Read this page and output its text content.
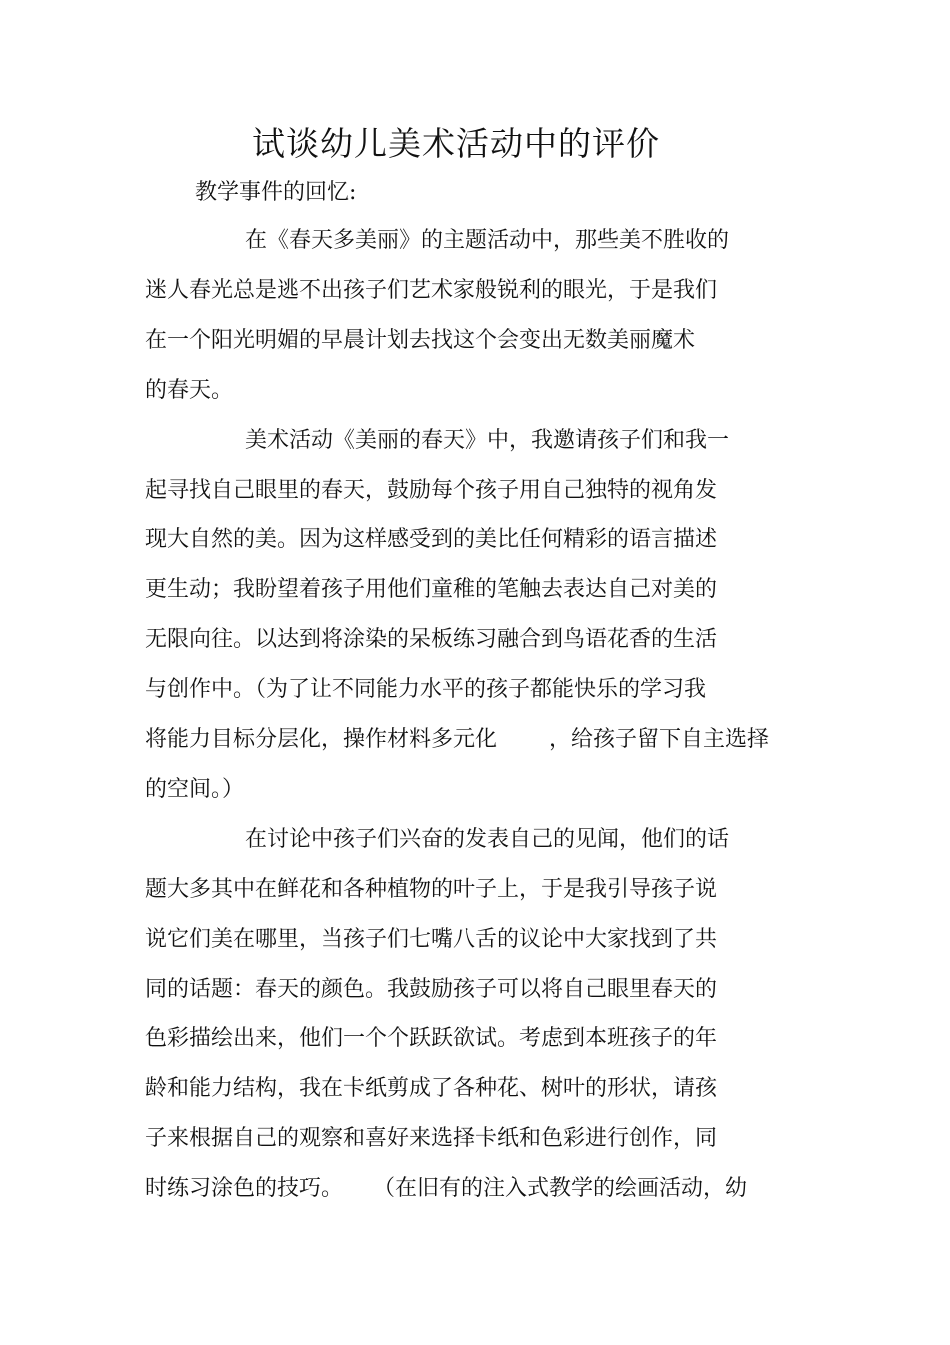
试谈幼儿美术活动中的评价
教学事件的回忆:
在《春天多美丽》的主题活动中，那些美不胜收的
迷人春光总是逃不出孩子们艺术家般锐利的眼光，于是我们
在一个阳光明媚的早晨计划去找这个会变出无数美丽魔术
的春天。
美术活动《美丽的春天》中，我邀请孩子们和我一
起寻找自己眼里的春天，鼓励每个孩子用自己独特的视角发
现大自然的美。因为这样感受到的美比任何精彩的语言描述
更生动；我盼望着孩子用他们童稚的笔触去表达自己对美的
无限向往。以达到将涂染的呆板练习融合到鸟语花香的生活
与创作中。（为了让不同能力水平的孩子都能快乐的学习我
将能力目标分层化，操作材料多元化 ，给孩子留下自主选择
的空间。）
在讨论中孩子们兴奋的发表自己的见闻，他们的话
题大多其中在鲜花和各种植物的叶子上，于是我引导孩子说
说它们美在哪里，当孩子们七嘴八舌的议论中大家找到了共
同的话题：春天的颜色。我鼓励孩子可以将自己眼里春天的
色彩描绘出来，他们一个个跃跃欲试。考虑到本班孩子的年
龄和能力结构，我在卡纸剪成了各种花、树叶的形状，请孩
子来根据自己的观察和喜好来选择卡纸和色彩进行创作，同
时练习涂色的技巧。 （在旧有的注入式教学的绘画活动，幼
